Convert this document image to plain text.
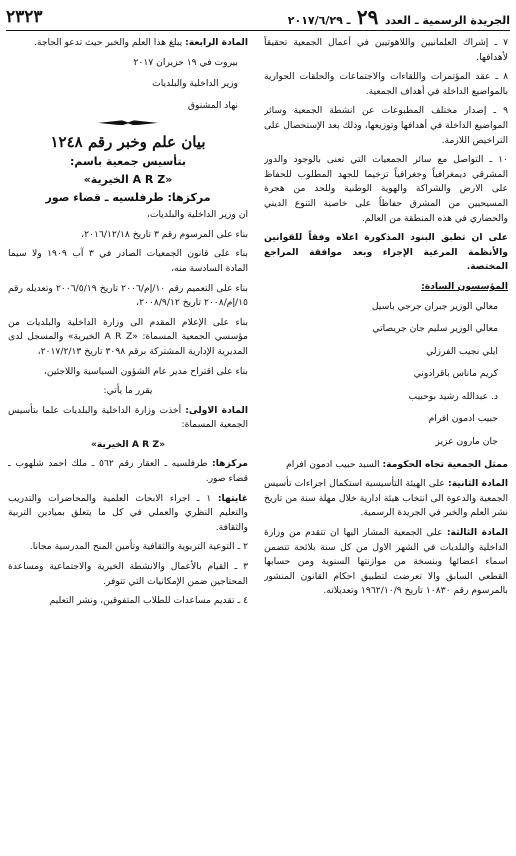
الجريدة الرسمية ـ العدد ٢٩ ـ ٢٠١٧/٦/٢٩
٢٣٢٣

٧ ـ إشراك العلمانيين واللاهوتيين في أعمال الجمعية تحقيقاً لأهدافها.

٨ ـ عقد المؤتمرات واللقاءات والاجتماعات والحلقات الحوارية بالمواضيع الداخلة في أهداف الجمعية.

٩ ـ إصدار مختلف المطبوعات عن انشطة الجمعية وسائر المواضيع الداخلة في أهدافها وتوزيعها، وذلك بعد الإستحصال على التراخيص اللازمة.

١٠ ـ التواصل مع سائر الجمعيات التي تعنى بالوجود والدور المشرقي ديمغرافياً وجغرافياً تزخيما للجهد المطلوب للحفاظ على الارض والشراكة والهوية الوطنية وللحد من هجرة المسيحيين من المشرق حفاظاً على خاصية التنوع الديني والحضاري في هذه المنطقة من العالم.

على ان تطبق البنود المذكورة اعلاه وفقاً للقوانين والأنظمة المرعية الإجراء وبعد موافقة المراجع المختصة.

المؤسسون السادة:

معالي الوزير جبران جرجي باسيل
معالي الوزير سليم جان جريصاتي
ايلي نجيب الفرزلي
كريم ماناس باقرادوني
د. عبدالله رشيد بوحبيب
حبيب ادمون افرام
جان مارون عزيز

ممثل الجمعية تجاه الحكومة: السيد حبيب ادمون افرام

المادة الثانية: على الهيئة التأسيسية استكمال اجراءات تأسيس الجمعية والدعوة الى انتخاب هيئة ادارية خلال مهلة سنة من تاريخ نشر العلم والخبر في الجريدة الرسمية.

المادة الثالثة: على الجمعية المشار اليها ان تتقدم من وزارة الداخلية والبلديات في الشهر الاول من كل سنة بلائحة تتضمن اسماء اعضائها وبنسخة من موازنتها السنوية ومن حسابها القطعي السابق والا تعرضت لتطبيق احكام القانون المنشور بالمرسوم رقم ١٠٨٣٠ تاريخ ١٩٦٢/١٠/٩ وتعديلاته.

المادة الرابعة: يبلغ هذا العلم والخبر حيث تدعو الحاجة.

بيروت في ١٩ حزيران ٢٠١٧
وزير الداخلية والبلديات
نهاد المشنوق
بيان علم وخبر رقم ١٢٤٨
بتأسيس جمعية باسم:
«A R Z الخيرية»
مركزها: طرفلسيه ـ قضاء صور

ان وزير الداخلية والبلديات،

بناء على المرسوم رقم ٣ تاريخ ٢٠١٦/١٢/١٨،

بناء على قانون الجمعيات الصادر في ٣ آب ١٩٠٩ ولا سيما المادة السادسة منه،

بناء على التعميم رقم ١٠/إم/٢٠٠٦ تاريخ ٢٠٠٦/٥/١٩ وتعديله رقم ١٥/إم/٢٠٠٨ تاريخ ٢٠٠٨/٩/١٢،

بناء على الإعلام المقدم الى وزارة الداخلية والبلديات من مؤسسي الجمعية المسماة: «A R Z الخيرية» والمسجل لدى المديرية الإدارية المشتركة برقم ٣٠٩٨ تاريخ ٢٠١٧/٢/١٣،

بناء على اقتراح مدير عام الشؤون السياسية واللاجئين،

يقرر ما يأتي:

المادة الاولى: أخذت وزارة الداخلية والبلديات علما بتأسيس الجمعية المسماة:

«A R Z الخيرية»

مركزها: طرفلسيه ـ العقار رقم ٥٦٢ ـ ملك احمد شلهوب ـ قضاء صور.

غايتها: ١ ـ اجراء الابحاث العلمية والمحاضرات والتدريب والتعليم النظري والعملي في كل ما يتعلق بميادين التربية والثقافة.

٢ ـ التوعية التربوية والثقافية وتأمين المنح المدرسية مجانا.

٣ ـ القيام بالأعمال والانشطة الخيرية والاجتماعية ومساعدة المحتاجين ضمن الإمكانيات التي تتوفر.

٤ ـ تقديم مساعدات للطلاب المتفوقين، ونشر التعليم
